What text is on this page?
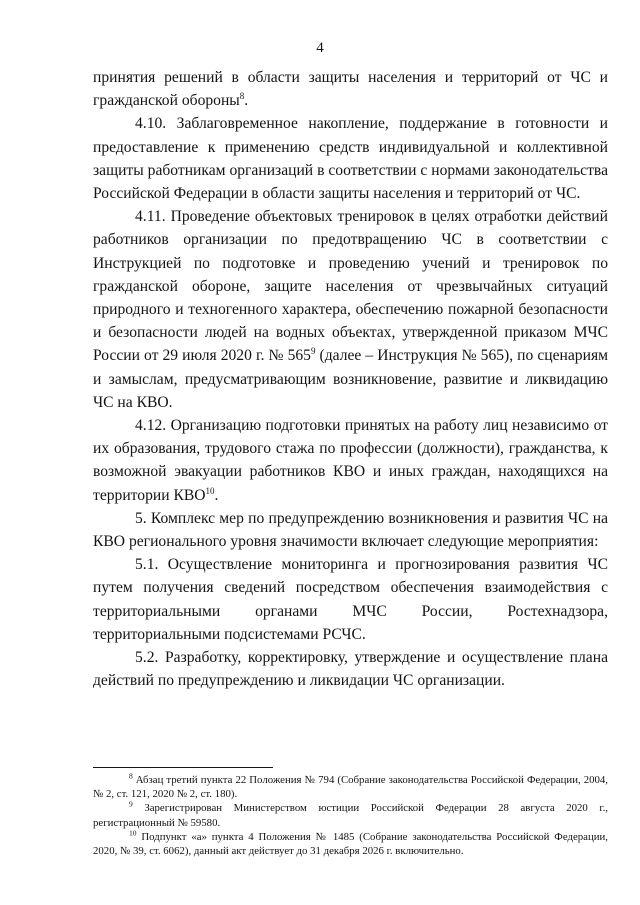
4

принятия решений в области защиты населения и территорий от ЧС и гражданской обороны$^8$.

4.10. Заблаговременное накопление, поддержание в готовности и предоставление к применению средств индивидуальной и коллективной защиты работникам организаций в соответствии с нормами законодательства Российской Федерации в области защиты населения и территорий от ЧС.

4.11. Проведение объектовых тренировок в целях отработки действий работников организации по предотвращению ЧС в соответствии с Инструкцией по подготовке и проведению учений и тренировок по гражданской обороне, защите населения от чрезвычайных ситуаций природного и техногенного характера, обеспечению пожарной безопасности и безопасности людей на водных объектах, утвержденной приказом МЧС России от 29 июля 2020 г. № $565^9$ (далее – Инструкция № 565), по сценариям и замыслам, предусматривающим возникновение, развитие и ликвидацию ЧС на КВО.

4.12. Организацию подготовки принятых на работу лиц независимо от их образования, трудового стажа по профессии (должности), гражданства, к возможной эвакуации работников КВО и иных граждан, находящихся на территории КВО$^{10}$.

5. Комплекс мер по предупреждению возникновения и развития ЧС на КВО регионального уровня значимости включает следующие мероприятия:

5.1. Осуществление мониторинга и прогнозирования развития ЧС путем получения сведений посредством обеспечения взаимодействия с территориальными органами МЧС России, Ростехнадзора, территориальными подсистемами РСЧС.

5.2. Разработку, корректировку, утверждение и осуществление плана действий по предупреждению и ликвидации ЧС организации.

$^8$ Абзац третий пункта 22 Положения № 794 (Собрание законодательства Российской Федерации, 2004, № 2, ст. 121, 2020 № 2, ст. 180).

$^9$ Зарегистрирован Министерством юстиции Российской Федерации 28 августа 2020 г., регистрационный № 59580.

$^{10}$ Подпункт «а» пункта 4 Положения № 1485 (Собрание законодательства Российской Федерации, 2020, № 39, ст. 6062), данный акт действует до 31 декабря 2026 г. включительно.
